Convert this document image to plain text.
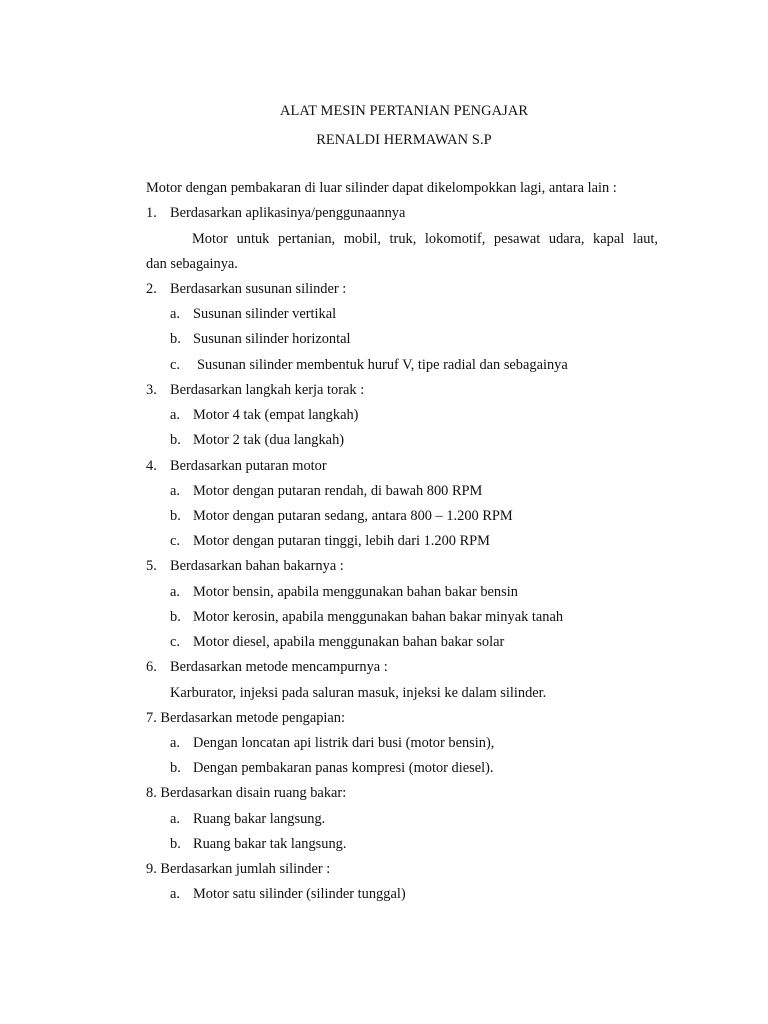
ALAT MESIN PERTANIAN PENGAJAR
RENALDI HERMAWAN S.P
Motor dengan pembakaran di luar silinder dapat dikelompokkan lagi, antara lain :
1. Berdasarkan aplikasinya/penggunaannya
Motor untuk pertanian, mobil, truk, lokomotif, pesawat udara, kapal laut,
dan sebagainya.
2. Berdasarkan susunan silinder :
a. Susunan silinder vertikal
b. Susunan silinder horizontal
c. Susunan silinder membentuk huruf V, tipe radial dan sebagainya
3. Berdasarkan langkah kerja torak :
a. Motor 4 tak (empat langkah)
b. Motor 2 tak (dua langkah)
4. Berdasarkan putaran motor
a. Motor dengan putaran rendah, di bawah 800 RPM
b. Motor dengan putaran sedang, antara 800 – 1.200 RPM
c. Motor dengan putaran tinggi, lebih dari 1.200 RPM
5. Berdasarkan bahan bakarnya :
a. Motor bensin, apabila menggunakan bahan bakar bensin
b. Motor kerosin, apabila menggunakan bahan bakar minyak tanah
c. Motor diesel, apabila menggunakan bahan bakar solar
6. Berdasarkan metode mencampurnya :
Karburator, injeksi pada saluran masuk, injeksi ke dalam silinder.
7. Berdasarkan metode pengapian:
a. Dengan loncatan api listrik dari busi (motor bensin),
b. Dengan pembakaran panas kompresi (motor diesel).
8. Berdasarkan disain ruang bakar:
a. Ruang bakar langsung.
b. Ruang bakar tak langsung.
9. Berdasarkan jumlah silinder :
a. Motor satu silinder (silinder tunggal)
